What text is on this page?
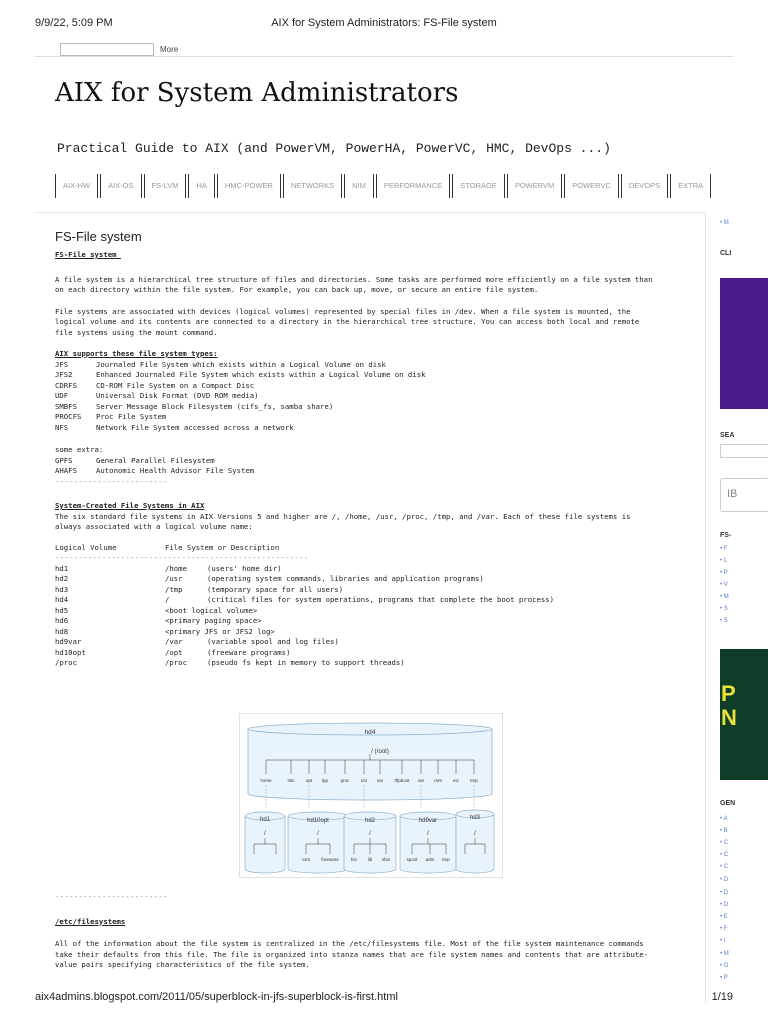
9/9/22, 5:09 PM	AIX for System Administrators: FS-File system
More
AIX for System Administrators
Practical Guide to AIX (and PowerVM, PowerHA, PowerVC, HMC, DevOps ...)
AIX-HW	AIX-OS	FS-LVM	HA	HMC-POWER	NETWORKS	NIM	PERFORMANCE	STORAGE	POWERVM	POWERVC	DEVOPS	EXTRA
FS-File system
FS-File system

A file system is a hierarchical tree structure of files and directories. Some tasks are performed more efficiently on a file system than
on each directory within the file system. For example, you can back up, move, or secure an entire file system.

File systems are associated with devices (logical volumes) represented by special files in /dev. When a file system is mounted, the
logical volume and its contents are connected to a directory in the hierarchical tree structure. You can access both local and remote
file systems using the mount command.

AIX supports these file system types:
JFS	Journaled File System which exists within a Logical Volume on disk
JFS2	Enhanced Journaled File System which exists within a Logical Volume on disk
CDRFS	CD-ROM File System on a Compact Disc
UDF	Universal Disk Format (DVD ROM media)
SMBFS	Server Message Block Filesystem (cifs_fs, samba share)
PROCFS	Proc File System
NFS	Network File System accessed across a network
some extra:
GPFS	General Parallel Filesystem
AHAFS	Autonomic Health Advisor File System
------------------------
System-Created File Systems in AIX

The six standard file systems in AIX Versions 5 and higher are /, /home, /usr, /proc, /tmp, and /var. Each of these file systems is
always associated with a logical volume name:

Logical Volume	File System or Description
------------------------------------------------------
hd1	/home	(users' home dir)
hd2	/usr	(operating system commands, libraries and application programs)
hd3	/tmp	(temporary space for all users)
hd4	/	(critical files for system operations, programs that complete the boot process)
hd5	<boot logical volume>
hd6	<primary paging space>
hd8	<primary JFS or JFS2 log>
hd9var	/var	(variable spool and log files)
hd10opt	/opt	(freeware programs)
/proc	/proc	(pseudo fs kept in memory to support threads)
hd4
/ (root)
home	stin	opt lpp	proc	usr var	tftpboot var mnt etc tmp
hd1	hd10opt	hd2	hd9var	hd3
/	/	/	/	/
csm freeware	bin lib sbin	spool adm tmp
------------------------
/etc/filesystems

All of the information about the file system is centralized in the /etc/filesystems file. Most of the file system maintenance commands
take their defaults from this file. The file is organized into stanza names that are file system names and contents that are attribute-
value pairs specifying characteristics of the file system.

• M
CLI
SEA
IB
FS-
• F
• L
• P
• V
• M
• S
• S
P
N
GEN
• A
• B
• C
• C
• C
• D
• D
• D
• E
• F
• I
• M
• O
• P
aix4admins.blogspot.com/2011/05/superblock-in-jfs-superblock-is-first.html	1/19
